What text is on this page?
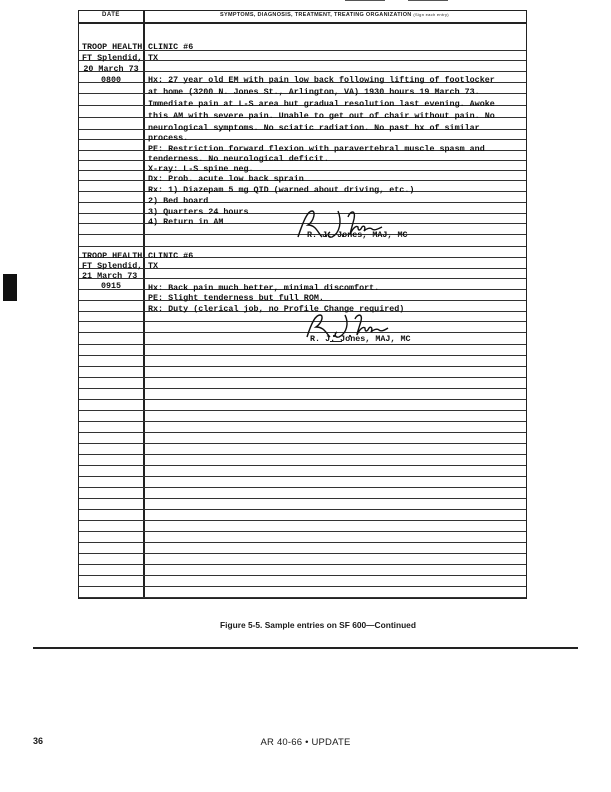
DATE	SYMPTOMS, DIAGNOSIS, TREATMENT, TREATING ORGANIZATION (Sign each entry)
TROOP HEALTH
FT Splendid,
20 March 73
0800
CLINIC #6
TX
Hx: 27 year old EM with pain low back following lifting of footlocker
at home (3200 N. Jones St., Arlington, VA) 1930 hours 19 March 73.
Immediate pain at L-S area but gradual resolution last evening. Awoke
this AM with severe pain. Unable to get out of chair without pain. No
neurological symptoms. No sciatic radiation. No past hx of similar
process.
PE: Restriction forward flexion with paravertebral muscle spasm and
tenderness. No neurological deficit.
X-ray: L-S spine neg.
Dx: Prob. acute low back sprain
Rx: 1) Diazepam 5 mg QID (warned about driving, etc.)
2) Bed board
3) Quarters 24 hours
4) Return in AM
R. J. Jones, MAJ, MC
TROOP HEALTH
FT Splendid,
21 March 73
0915
CLINIC #6
TX
Hx: Back pain much better, minimal discomfort.
PE: Slight tenderness but full ROM.
Rx: Duty (clerical job, no Profile Change required)
R. J. Jones, MAJ, MC
Figure 5-5. Sample entries on SF 600—Continued
36	AR 40-66 • UPDATE
